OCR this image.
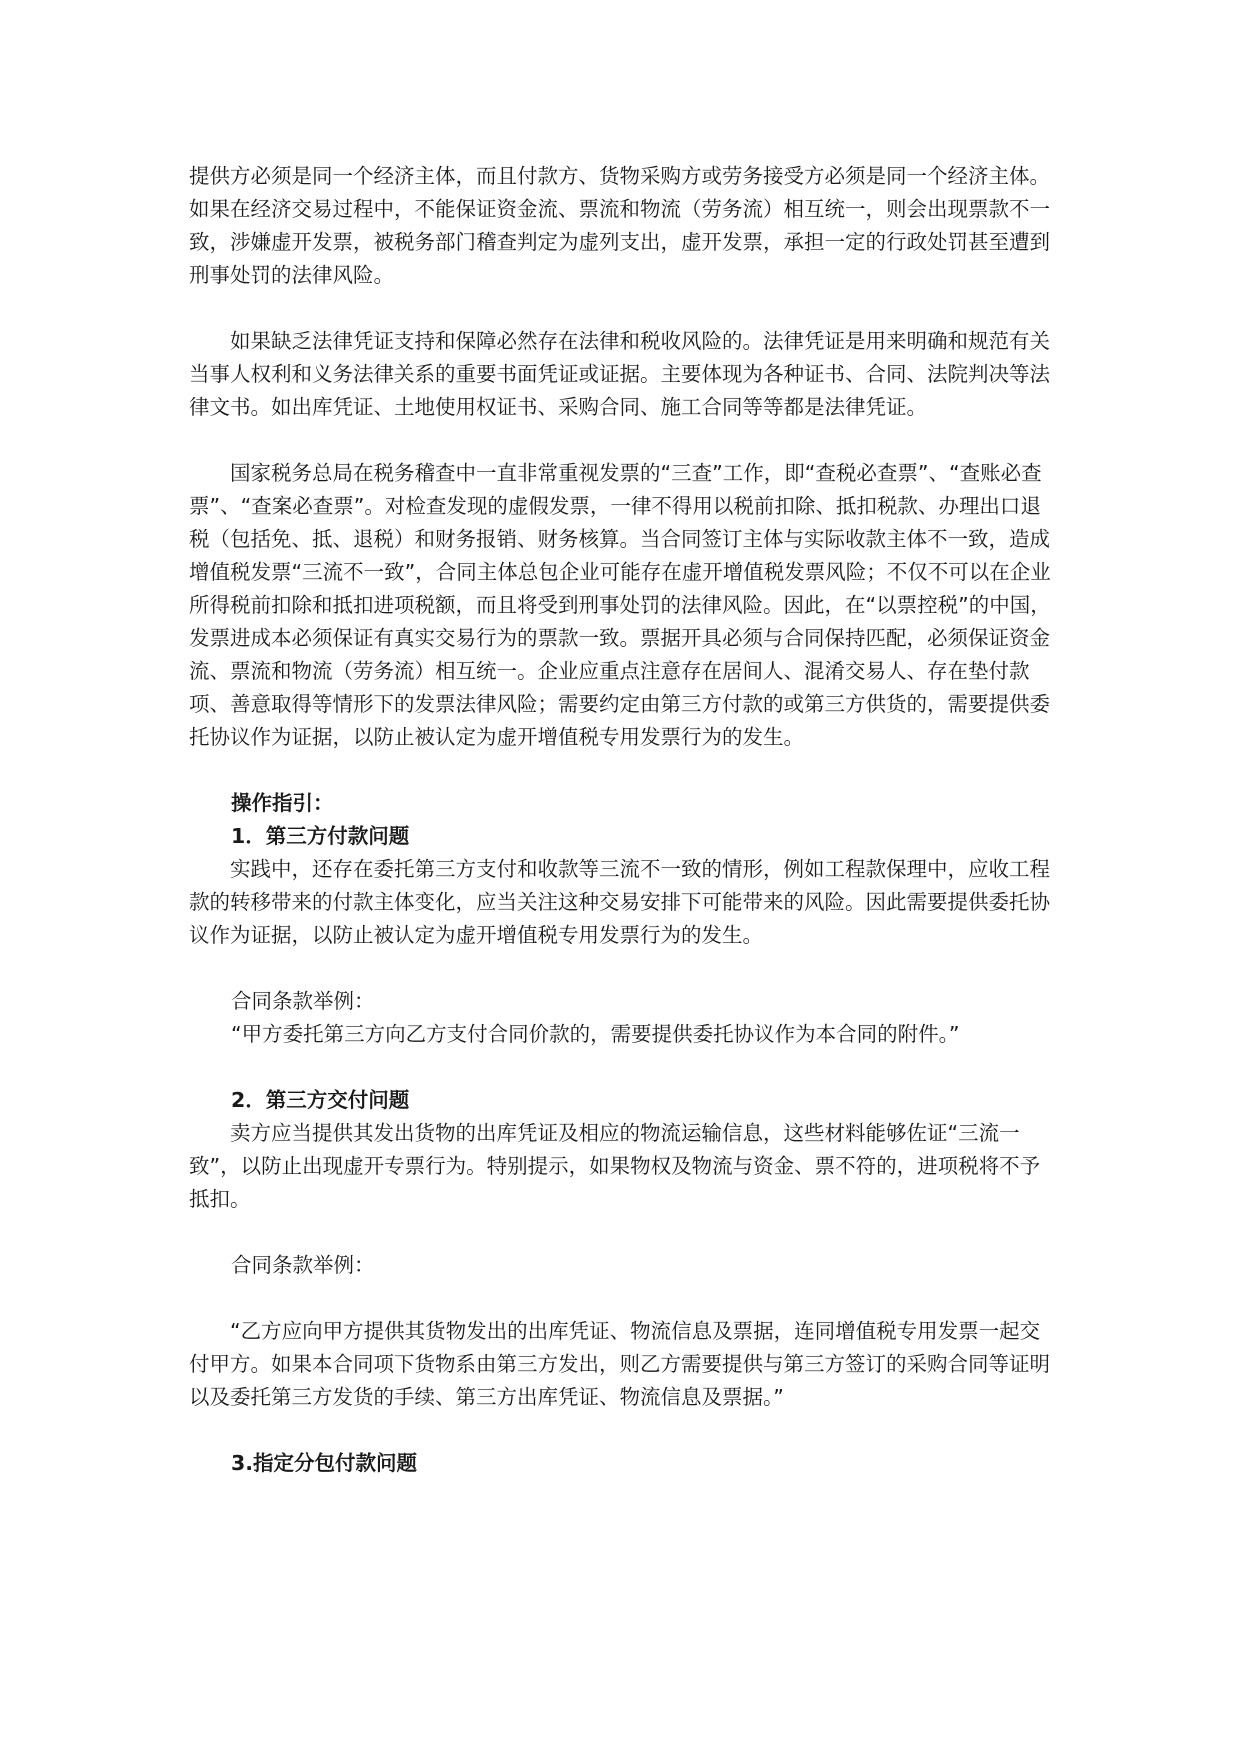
提供方必须是同一个经济主体，而且付款方、货物采购方或劳务接受方必须是同一个经济主体。如果在经济交易过程中，不能保证资金流、票流和物流（劳务流）相互统一，则会出现票款不一致，涉嫌虚开发票，被税务部门稽查判定为虚列支出，虚开发票，承担一定的行政处罚甚至遭到刑事处罚的法律风险。

如果缺乏法律凭证支持和保障必然存在法律和税收风险的。法律凭证是用来明确和规范有关当事人权利和义务法律关系的重要书面凭证或证据。主要体现为各种证书、合同、法院判决等法律文书。如出库凭证、土地使用权证书、采购合同、施工合同等等都是法律凭证。

国家税务总局在税务稽查中一直非常重视发票的“三查”工作，即“查税必查票”、“查账必查票”、“查案必查票”。对检查发现的虚假发票，一律不得用以税前扣除、抵扣税款、办理出口退税（包括免、抵、退税）和财务报销、财务核算。当合同签订主体与实际收款主体不一致，造成增值税发票“三流不一致”，合同主体总包企业可能存在虚开增值税发票风险；不仅不可以在企业所得税前扣除和抵扣进项税额，而且将受到刑事处罚的法律风险。因此，在“以票控税”的中国，发票进成本必须保证有真实交易行为的票款一致。票据开具必须与合同保持匹配，必须保证资金流、票流和物流（劳务流）相互统一。企业应重点注意存在居间人、混淆交易人、存在垫付款项、善意取得等情形下的发票法律风险；需要约定由第三方付款的或第三方供货的，需要提供委托协议作为证据，以防止被认定为虚开增值税专用发票行为的发生。

操作指引：

1．第三方付款问题

实践中，还存在委托第三方支付和收款等三流不一致的情形，例如工程款保理中，应收工程款的转移带来的付款主体变化，应当关注这种交易安排下可能带来的风险。因此需要提供委托协议作为证据，以防止被认定为虚开增值税专用发票行为的发生。

合同条款举例：

“甲方委托第三方向乙方支付合同价款的，需要提供委托协议作为本合同的附件。”

2．第三方交付问题

卖方应当提供其发出货物的出库凭证及相应的物流运输信息，这些材料能够佐证“三流一致”，以防止出现虚开专票行为。特别提示，如果物权及物流与资金、票不符的，进项税将不予抵扣。

合同条款举例：

“乙方应向甲方提供其货物发出的出库凭证、物流信息及票据，连同增值税专用发票一起交付甲方。如果本合同项下货物系由第三方发出，则乙方需要提供与第三方签订的采购合同等证明以及委托第三方发货的手续、第三方出库凭证、物流信息及票据。”

3.指定分包付款问题
